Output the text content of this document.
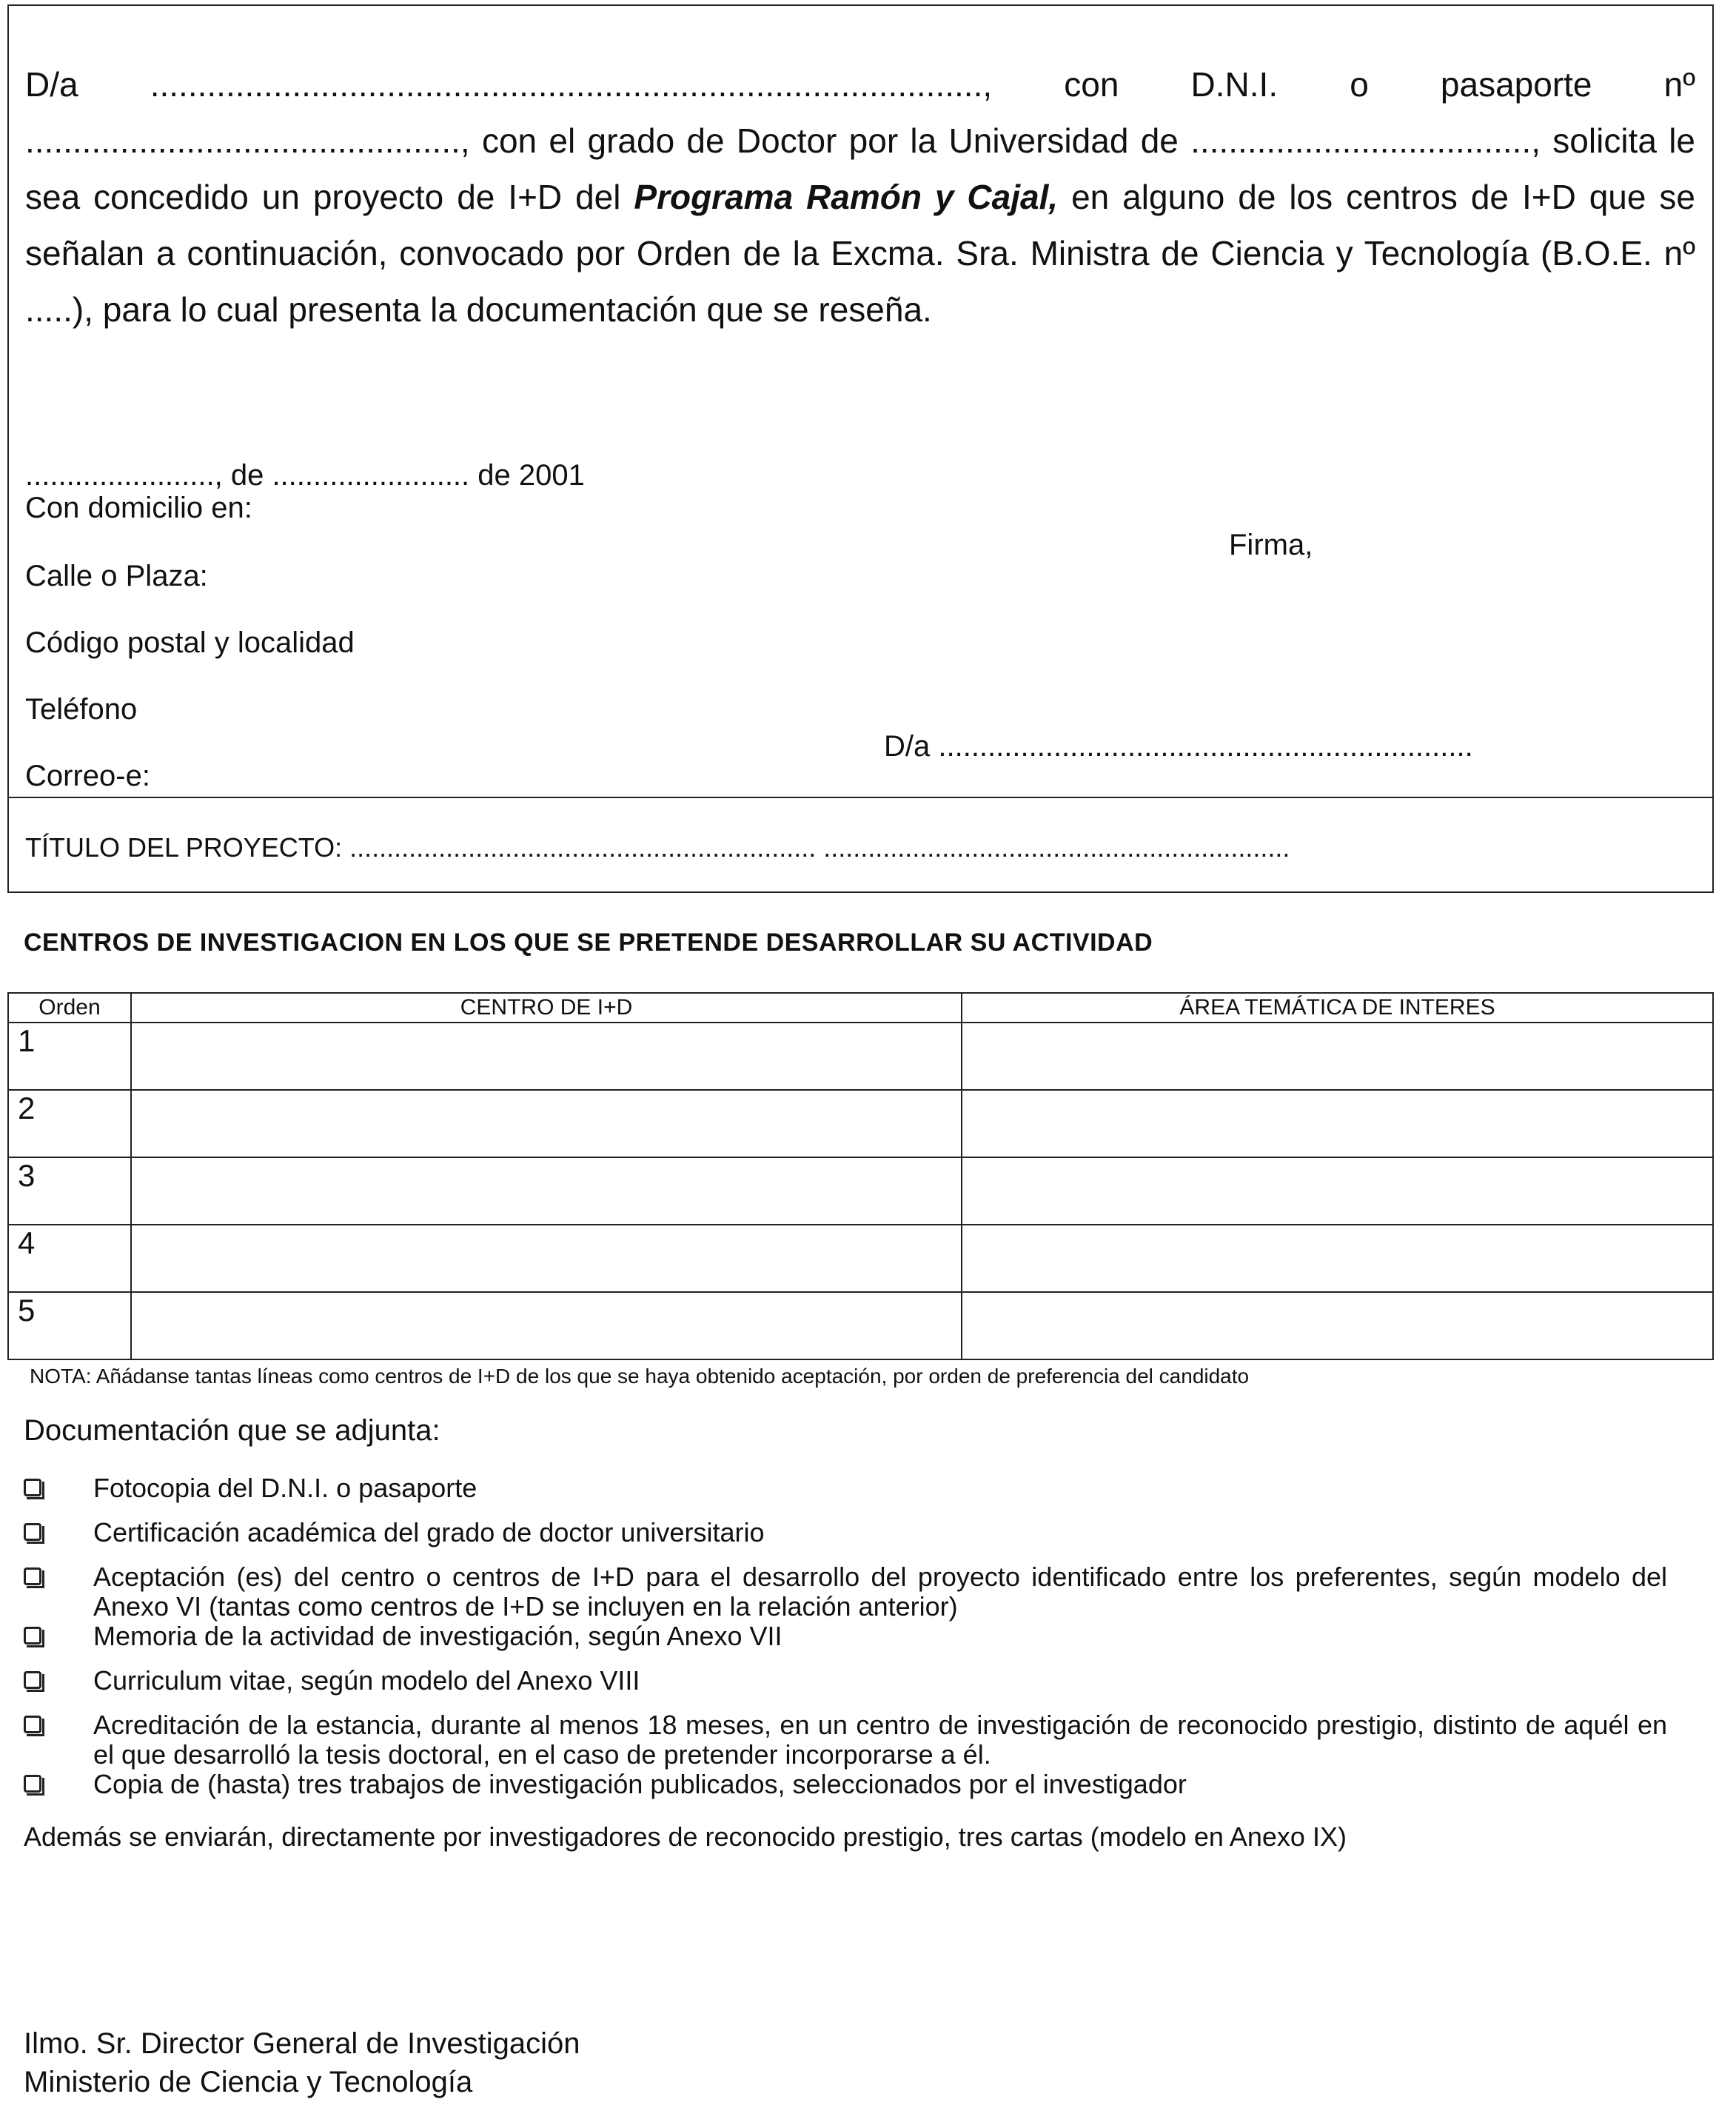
D/a ........................................................................................, con D.N.I. o pasaporte nº .............................................., con el grado de Doctor por la Universidad de ...................................., solicita le sea concedido un proyecto de I+D del Programa Ramón y Cajal, en alguno de los centros de I+D que se señalan a continuación, convocado por Orden de la Excma. Sra. Ministra de Ciencia y Tecnología (B.O.E. nº .....), para lo cual presenta la documentación que se reseña.

......................., de ........................ de 2001
Con domicilio en:
Firma,
Calle o Plaza:
Código postal y localidad
Teléfono
D/a .................................................................
Correo-e:
TÍTULO DEL PROYECTO: ............................................................... ...............................................................
CENTROS DE INVESTIGACION EN LOS QUE SE PRETENDE DESARROLLAR SU ACTIVIDAD
Orden	CENTRO DE I+D	ÁREA TEMÁTICA DE INTERES
1		
2		
3		
4		
5		
NOTA: Añádanse tantas líneas como centros de I+D de los que se haya obtenido aceptación, por orden de preferencia del candidato
Documentación que se adjunta:
Fotocopia del D.N.I. o pasaporte
Certificación académica del grado de doctor universitario
Aceptación (es) del centro o centros de I+D para el desarrollo del proyecto identificado entre los preferentes, según modelo del Anexo VI (tantas como centros de I+D se incluyen en la relación anterior)
Memoria de la actividad de investigación, según Anexo VII
Curriculum vitae, según modelo del Anexo VIII
Acreditación de la estancia, durante al menos 18 meses, en un centro de investigación de reconocido prestigio, distinto de aquél en el que desarrolló la tesis doctoral, en el caso de pretender incorporarse a él.
Copia de (hasta) tres trabajos de investigación publicados, seleccionados por el investigador
Además se enviarán, directamente por investigadores de reconocido prestigio, tres cartas (modelo en Anexo IX)
Ilmo. Sr. Director General de Investigación
Ministerio de Ciencia y Tecnología
